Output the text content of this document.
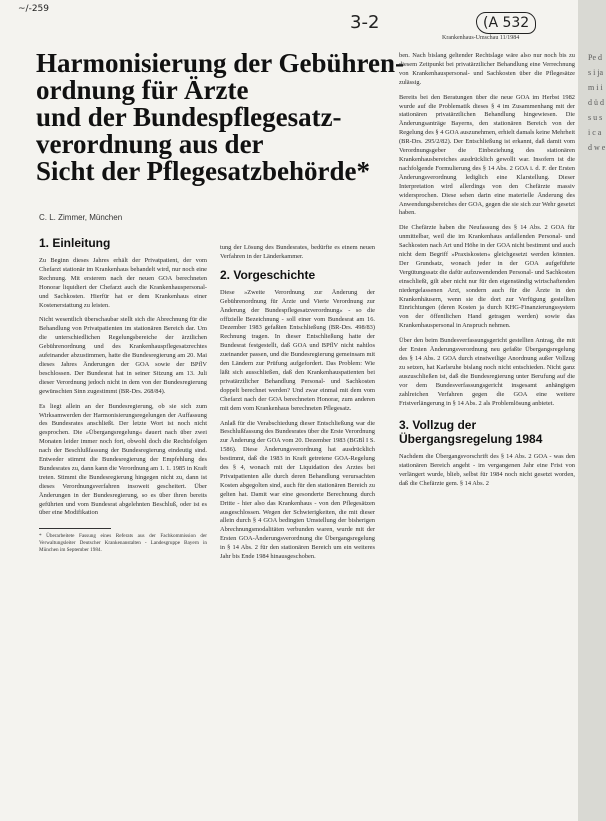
Pe d s i ja m i i d ü d s u s i c a d w e
~/-259
3-2	(A 532
Krankenhaus-Umschau 11/1984
Harmonisierung der Gebühren-
ordnung für Ärzte
und der Bundespflegesatz-
verordnung aus der
Sicht der Pflegesatzbehörde*
C. L. Zimmer, München
1. Einleitung

Zu Beginn dieses Jahres erhält der Privatpatient, der vom Chefarzt stationär im Krankenhaus behandelt wird, nur noch eine Rechnung. Mit ersterem nach der neuen GOA berechneten Honorar liquidiert der Chefarzt auch die Krankenhauspersonal- und Sachkosten. Hierfür hat er dem Krankenhaus einer Kostenerstattung zu leisten.

Nicht wesentlich überschaubar stellt sich die Abrechnung für die Behandlung von Privatpatienten im stationären Bereich dar. Um die unterschiedlichen Regelungsbereiche der ärztlichen Gebührenordnung und des Krankenhauspflegesatzrechtes aufeinander abzustimmen, hatte die Bundesregierung am 20. Mai dieses Jahres Änderungen der GOA sowie der BPflV beschlossen. Der Bundesrat hat in seiner Sitzung am 13. Juli dieser Verordnung jedoch nicht in dem von der Bundesregierung gewünschten Sinn zugestimmt (BR-Drs. 268/84).

Es liegt allein an der Bundesregierung, ob sie sich zum Wirksamwerden der Harmonisierungsregelungen der Auffassung des Bundesrates anschließt. Der letzte Wort ist noch nicht gesprochen. Die »Übergangsregelung« dauert nach über zwei Monaten leider immer noch fort, obwohl doch die Rechtsfolgen nach der Beschlußfassung der Bundesregierung eindeutig sind. Entweder stimmt die Bundesregierung der Empfehlung des Bundesrates zu, dann kann die Verordnung am 1. 1. 1985 in Kraft treten. Stimmt die Bundesregierung hingegen nicht zu, dann ist dieses Verordnungsverfahren insoweit gescheitert. Über Änderungen in der Bundesregierung, so es über ihren bereits geführten und vom Bundesrat abgelehnten Beschluß, oder ist es über eine Modifikation

* Überarbeitete Fassung eines Referats aus der Fachkommission der Verwaltungsleiter Deutscher Krankenanstalten - Landesgruppe Bayern in München im September 1984.

tung der Lösung des Bundesrates, bedürfte es einem neuen Verfahren in der Länderkammer.

2. Vorgeschichte

Diese »Zweite Verordnung zur Änderung der Gebührenordnung für Ärzte und Vierte Verordnung zur Änderung der Bundespflegesatzverordnung« - so die offizielle Bezeichnung - soll einer vom Bundesrat am 16. Dezember 1983 gefaßten Entschließung (BR-Drs. 498/83) Rechnung tragen. In dieser Entschließung hatte der Bundesrat festgestellt, daß GOA und BPflV nicht nahtlos zueinander passen, und die Bundesregierung gemeinsam mit den Ländern zur Prüfung aufgefordert. Das Problem: Wie läßt sich ausschließen, daß den Krankenhauspatienten bei privatärztlicher Behandlung Personal- und Sachkosten doppelt berechnet werden? Und zwar einmal mit dem vom Chefarzt nach der GOA berechneten Honorar, zum anderen mit dem vom Krankenhaus berechneten Pflegesatz.

Anlaß für die Verabschiedung dieser Entschließung war die Beschlußfassung des Bundesrates über die Erste Verordnung zur Änderung der GOA vom 20. Dezember 1983 (BGBl I S. 1586). Diese Änderungsverordnung hat ausdrücklich bestimmt, daß die 1983 in Kraft getretene GOA-Regelung des § 4, wonach mit der Liquidation des Arztes bei Privatpatienten alle durch deren Behandlung verursachten Kosten abgegolten sind, auch für den stationären Bereich zu gelten hat. Damit war eine gesonderte Berechnung durch Dritte - hier also das Krankenhaus - von den Pflegesätzen ausgeschlossen. Wegen der Schwierigkeiten, die mit dieser allein durch § 4 GOA bedingten Umstellung der bisherigen Abrechnungsmodalitäten verbunden waren, wurde mit der Ersten GOA-Änderungsverordnung die Übergangsregelung in § 14 Abs. 2 für den stationären Bereich um ein weiteres Jahr bis Ende 1984 hinausgeschoben.

ben. Nach bislang geltender Rechtslage wäre also nur noch bis zu diesem Zeitpunkt bei privatärztlicher Behandlung eine Verrechnung von Krankenhauspersonal- und Sachkosten über die Pflegesätze zulässig.

Bereits bei den Beratungen über die neue GOA im Herbst 1982 wurde auf die Problematik dieses § 4 im Zusammenhang mit der stationären privatärztlichen Behandlung hingewiesen. Die Änderungsanträge Bayerns, den stationären Bereich von der Regelung des § 4 GOA auszunehmen, erhielt damals keine Mehrheit (BR-Drs. 295/2/82). Der Entschließung ist erkannt, daß damit vom Verordnungsgeber die Einbeziehung des stationären Krankenhausbereiches ausdrücklich gewollt war. Insofern ist die nachfolgende Formulierung des § 14 Abs. 2 GOA i. d. F. der Ersten Änderungsverordnung lediglich eine Klarstellung. Dieser Interpretation wird allerdings von den Chefärzte massiv widersprochen. Diese sehen darin eine materielle Änderung des Anwendungsbereiches der GOA, gegen die sie sich zur Wehr gesetzt haben.

Die Chefärzte haben die Neufassung des § 14 Abs. 2 GOA für unmittelbar, weil die im Krankenhaus anfallenden Personal- und Sachkosten nach Art und Höhe in der GOA nicht bestimmt und auch nicht dem Begriff »Praxiskosten« gleichgesetzt werden könnten. Der Grundsatz, wonach jeder in der GOA aufgeführte Vergütungssatz die dafür aufzuwendenden Personal- und Sachkosten einschließt, gilt aber nicht nur für den eigenständig wirtschaftenden niedergelassenen Arzt, sondern auch für die Ärzte in den Krankenhäusern, wenn sie die dort zur Verfügung gestellten Einrichtungen (deren Kosten ja durch KHG-Finanzierungssystem von der öffentlichen Hand getragen werden) sowie das Krankenhauspersonal in Anspruch nehmen.

Über den beim Bundesverfassungsgericht gestellten Antrag, die mit der Ersten Änderungsverordnung neu gefaßte Übergangsregelung des § 14 Abs. 2 GOA durch einstweilige Anordnung außer Vollzug zu setzen, hat Karlsruhe bislang noch nicht entschieden. Nicht ganz auszuschließen ist, daß die Bundesregierung unter Berufung auf die vor dem Bundesverfassungsgericht insgesamt anhängigen zahlreichen Verfahren gegen die GOA eine weitere Fristverlängerung in § 14 Abs. 2 als Problemlösung anbietet.

3. Vollzug der Übergangsregelung 1984

Nachdem die Übergangsvorschrift des § 14 Abs. 2 GOA - was den stationären Bereich angeht - im vergangenen Jahr eine Frist von verlängert wurde, blieb, selbst für 1984 noch nicht gesetzt worden, daß die Chefärzte gem. § 14 Abs. 2
